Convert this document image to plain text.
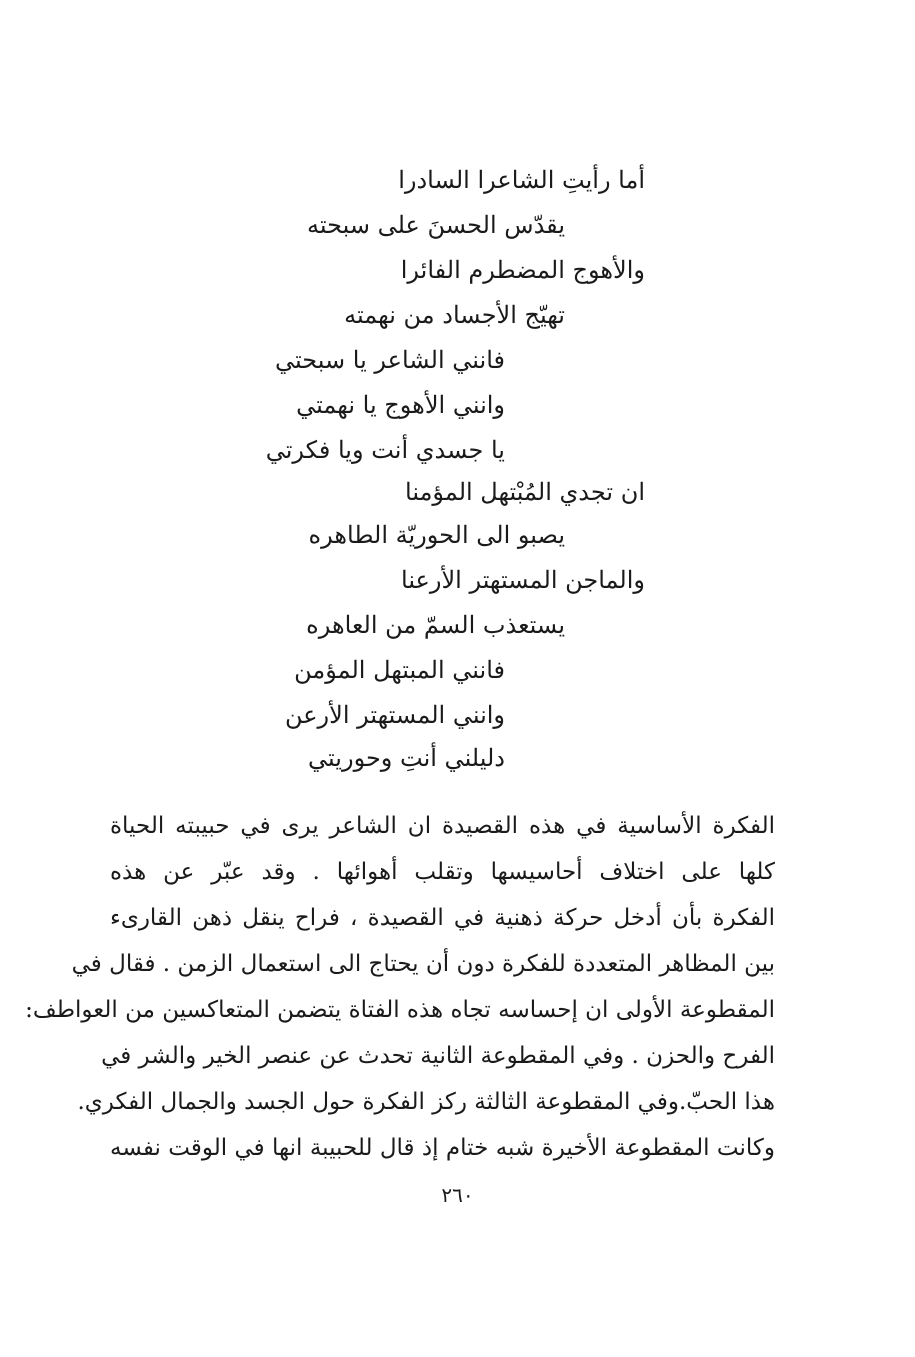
أما رأيتِ الشاعرا السادرا
يقدّس الحسنَ على سبحته
والأهوج المضطرم الفائرا
تهيّج الأجساد من نهمته
فانني الشاعر يا سبحتي
وانني الأهوج يا نهمتي
يا جسدي أنت ويا فكرتي
ان تجدي المُبْتهل المؤمنا
يصبو الى الحوريّة الطاهره
والماجن المستهتر الأرعنا
يستعذب السمّ من العاهره
فانني المبتهل المؤمن
وانني المستهتر الأرعن
دليلني أنتِ وحوريتي
الفكرة الأساسية في هذه القصيدة ان الشاعر يرى في حبيبته الحياة
كلها على اختلاف أحاسيسها وتقلب أهوائها . وقد عبّر عن هذه
الفكرة بأن أدخل حركة ذهنية في القصيدة ، فراح ينقل ذهن القارىء
بين المظاهر المتعددة للفكرة دون أن يحتاج الى استعمال الزمن . فقال في
المقطوعة الأولى ان إحساسه تجاه هذه الفتاة يتضمن المتعاكسين من العواطف:
الفرح والحزن . وفي المقطوعة الثانية تحدث عن عنصر الخير والشر في
هذا الحبّ.وفي المقطوعة الثالثة ركز الفكرة حول الجسد والجمال الفكري.
وكانت المقطوعة الأخيرة شبه ختام إذ قال للحبيبة انها في الوقت نفسه
٢٦٠
